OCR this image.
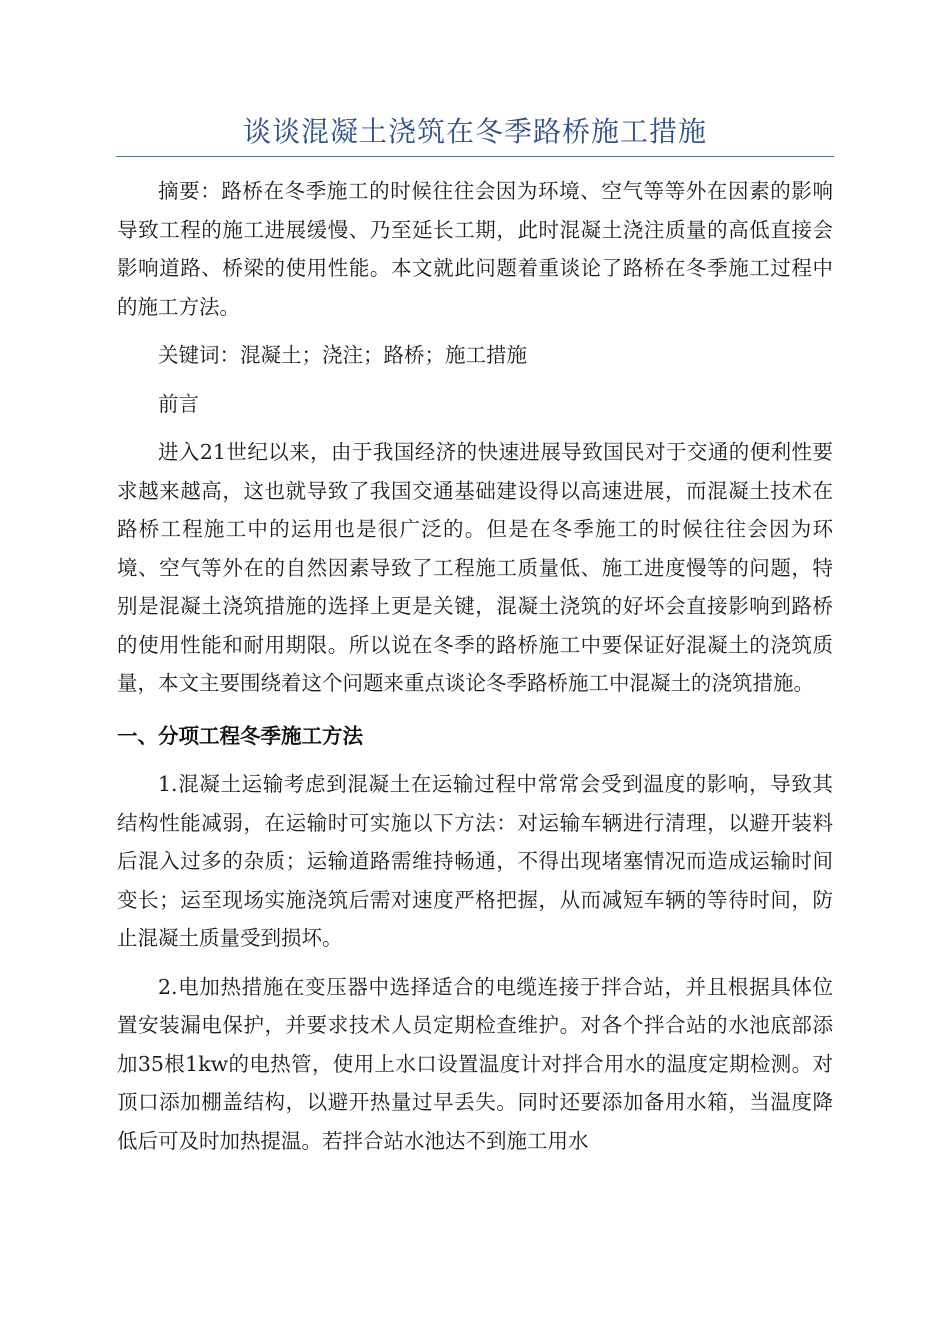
谈谈混凝土浇筑在冬季路桥施工措施

摘要：路桥在冬季施工的时候往往会因为环境、空气等等外在因素的影响导致工程的施工进展缓慢、乃至延长工期，此时混凝土浇注质量的高低直接会影响道路、桥梁的使用性能。本文就此问题着重谈论了路桥在冬季施工过程中的施工方法。

关键词：混凝土；浇注；路桥；施工措施

前言

进入21世纪以来，由于我国经济的快速进展导致国民对于交通的便利性要求越来越高，这也就导致了我国交通基础建设得以高速进展，而混凝土技术在路桥工程施工中的运用也是很广泛的。但是在冬季施工的时候往往会因为环境、空气等外在的自然因素导致了工程施工质量低、施工进度慢等的问题，特别是混凝土浇筑措施的选择上更是关键，混凝土浇筑的好坏会直接影响到路桥的使用性能和耐用期限。所以说在冬季的路桥施工中要保证好混凝土的浇筑质量，本文主要围绕着这个问题来重点谈论冬季路桥施工中混凝土的浇筑措施。

一、分项工程冬季施工方法

1.混凝土运输考虑到混凝土在运输过程中常常会受到温度的影响，导致其结构性能减弱，在运输时可实施以下方法：对运输车辆进行清理，以避开装料后混入过多的杂质；运输道路需维持畅通，不得出现堵塞情况而造成运输时间变长；运至现场实施浇筑后需对速度严格把握，从而减短车辆的等待时间，防止混凝土质量受到损坏。

2.电加热措施在变压器中选择适合的电缆连接于拌合站，并且根据具体位置安装漏电保护，并要求技术人员定期检查维护。对各个拌合站的水池底部添加35根1kw的电热管，使用上水口设置温度计对拌合用水的温度定期检测。对顶口添加棚盖结构，以避开热量过早丢失。同时还要添加备用水箱，当温度降低后可及时加热提温。若拌合站水池达不到施工用水
